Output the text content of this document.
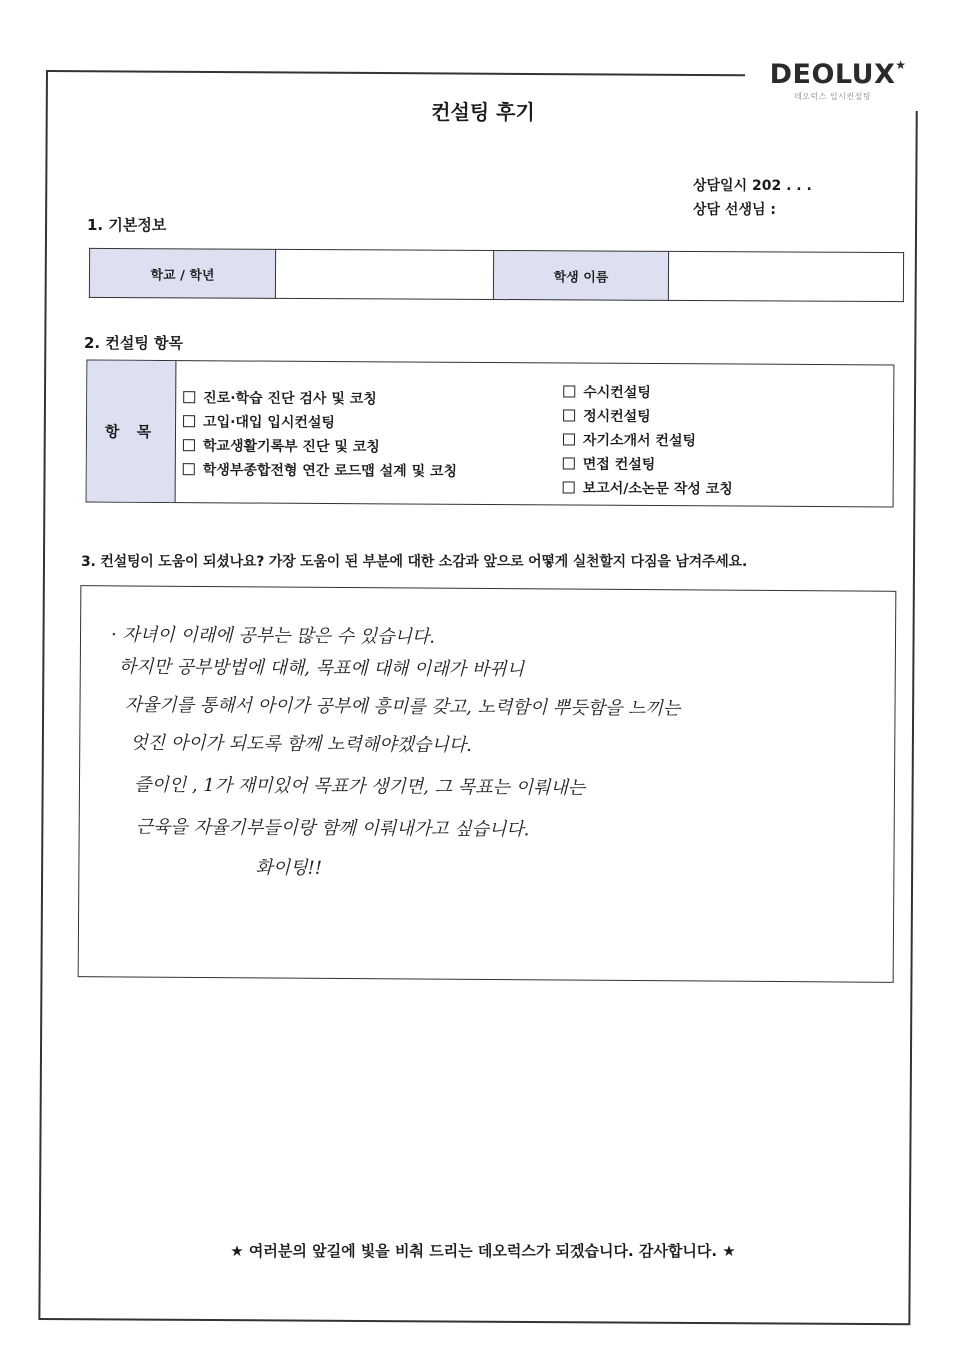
DEOLUX ★
데오럭스 입시컨설팅
컨설팅 후기
상담일시 202 . . .
상담 선생님 :
1. 기본정보
학교 / 학년		학생 이름	
2. 컨설팅 항목
항 목
진로·학습 진단 검사 및 코칭
고입·대입 입시컨설팅
학교생활기록부 진단 및 코칭
학생부종합전형 연간 로드맵 설계 및 코칭
수시컨설팅
정시컨설팅
자기소개서 컨설팅
면접 컨설팅
보고서/소논문 작성 코칭
3. 컨설팅이 도움이 되셨나요? 가장 도움이 된 부분에 대한 소감과 앞으로 어떻게 실천할지 다짐을 남겨주세요.
· 자녀이 이래에 공부는 많은 수 있습니다.
하지만 공부방법에 대해, 목표에 대해 이래가 바뀌니
자율기를 통해서 아이가 공부에 흥미를 갖고, 노력함이 뿌듯함을 느끼는
엇진 아이가 되도록 함께 노력해야겠습니다.
즐이인 , 1가 재미있어 목표가 생기면, 그 목표는 이뤄내는
근육을 자율기부들이랑 함께 이뤄내가고 싶습니다.
화이팅!!
★ 여러분의 앞길에 빛을 비춰 드리는 데오럭스가 되겠습니다. 감사합니다. ★
